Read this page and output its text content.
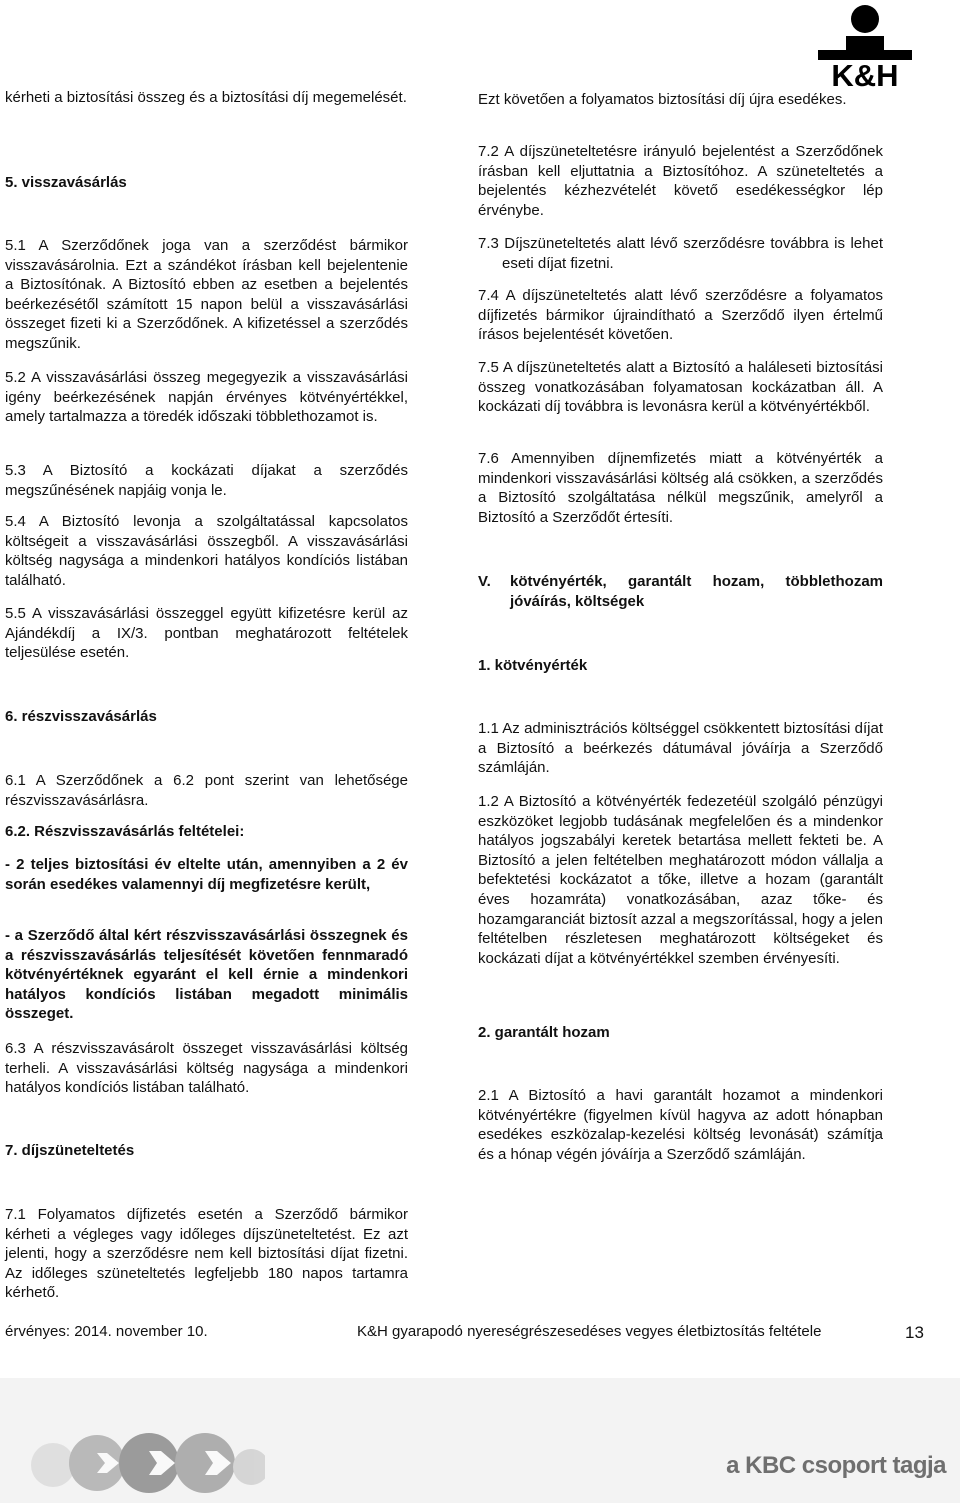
K&H

kérheti a biztosítási összeg és a biztosítási díj megemelését.

5. visszavásárlás

5.1 A Szerződőnek joga van a szerződést bármikor visszavásárolnia. Ezt a szándékot írásban kell bejelentenie a Biztosítónak. A Biztosító ebben az esetben a bejelentés beérkezésétől számított 15 napon belül a visszavásárlási összeget fizeti ki a Szerződőnek. A kifizetéssel a szerződés megszűnik.

5.2 A visszavásárlási összeg megegyezik a visszavásárlási igény beérkezésének napján érvényes kötvényértékkel, amely tartalmazza a töredék időszaki többlethozamot is.

5.3 A Biztosító a kockázati díjakat a szerződés megszűnésének napjáig vonja le.

5.4 A Biztosító levonja a szolgáltatással kapcsolatos költségeit a visszavásárlási összegből. A visszavásárlási költség nagysága a mindenkori hatályos kondíciós listában található.

5.5 A visszavásárlási összeggel együtt kifizetésre kerül az Ajándékdíj a IX/3. pontban meghatározott feltételek teljesülése esetén.

6. részvisszavásárlás

6.1 A Szerződőnek a 6.2 pont szerint van lehetősége részvisszavásárlásra.

6.2. Részvisszavásárlás feltételei:

- 2 teljes biztosítási év eltelte után, amennyiben a 2 év során esedékes valamennyi díj megfizetésre került,

- a Szerződő által kért részvisszavásárlási összegnek és a részvisszavásárlás teljesítését követően fennmaradó kötvényértéknek egyaránt el kell érnie a mindenkori hatályos kondíciós listában megadott minimális összeget.

6.3 A részvisszavásárolt összeget visszavásárlási költség terheli. A visszavásárlási költség nagysága a mindenkori hatályos kondíciós listában található.

7. díjszüneteltetés

7.1 Folyamatos díjfizetés esetén a Szerződő bármikor kérheti a végleges vagy időleges díjszüneteltetést. Ez azt jelenti, hogy a szerződésre nem kell biztosítási díjat fizetni. Az időleges szüneteltetés legfeljebb 180 napos tartamra kérhető.

Ezt követően a folyamatos biztosítási díj újra esedékes.

7.2 A díjszüneteltetésre irányuló bejelentést a Szerződőnek írásban kell eljuttatnia a Biztosítóhoz. A szüneteltetés a bejelentés kézhezvételét követő esedékességkor lép érvénybe.

7.3 Díjszüneteltetés alatt lévő szerződésre továbbra is lehet eseti díjat fizetni.

7.4 A díjszüneteltetés alatt lévő szerződésre a folyamatos díjfizetés bármikor újraindítható a Szerződő ilyen értelmű írásos bejelentését követően.

7.5 A díjszüneteltetés alatt a Biztosító a haláleseti biztosítási összeg vonatkozásában folyamatosan kockázatban áll. A kockázati díj továbbra is levonásra kerül a kötvényértékből.

7.6 Amennyiben díjnemfizetés miatt a kötvényérték a mindenkori visszavásárlási költség alá csökken, a szerződés a Biztosító szolgáltatása nélkül megszűnik, amelyről a Biztosító a Szerződőt értesíti.

V.	kötvényérték, garantált hozam, többlethozam jóváírás, költségek

1. kötvényérték

1.1 Az adminisztrációs költséggel csökkentett biztosítási díjat a Biztosító a beérkezés dátumával jóváírja a Szerződő számláján.

1.2 A Biztosító a kötvényérték fedezetéül szolgáló pénzügyi eszközöket legjobb tudásának megfelelően és a mindenkor hatályos jogszabályi keretek betartása mellett fekteti be. A Biztosító a jelen feltételben meghatározott módon vállalja a befektetési kockázatot a tőke, illetve a hozam (garantált éves hozamráta) vonatkozásában, azaz tőke- és hozamgaranciát biztosít azzal a megszorítással, hogy a jelen feltételben részletesen meghatározott költségeket és kockázati díjat a kötvényértékkel szemben érvényesíti.

2. garantált hozam

2.1 A Biztosító a havi garantált hozamot a mindenkori kötvényértékre (figyelmen kívül hagyva az adott hónapban esedékes eszközalap-kezelési költség levonását) számítja és a hónap végén jóváírja a Szerződő számláján.

érvényes: 2014. november 10.	K&H gyarapodó nyereségrészesedéses vegyes életbiztosítás feltétele	13
a KBC csoport tagja
